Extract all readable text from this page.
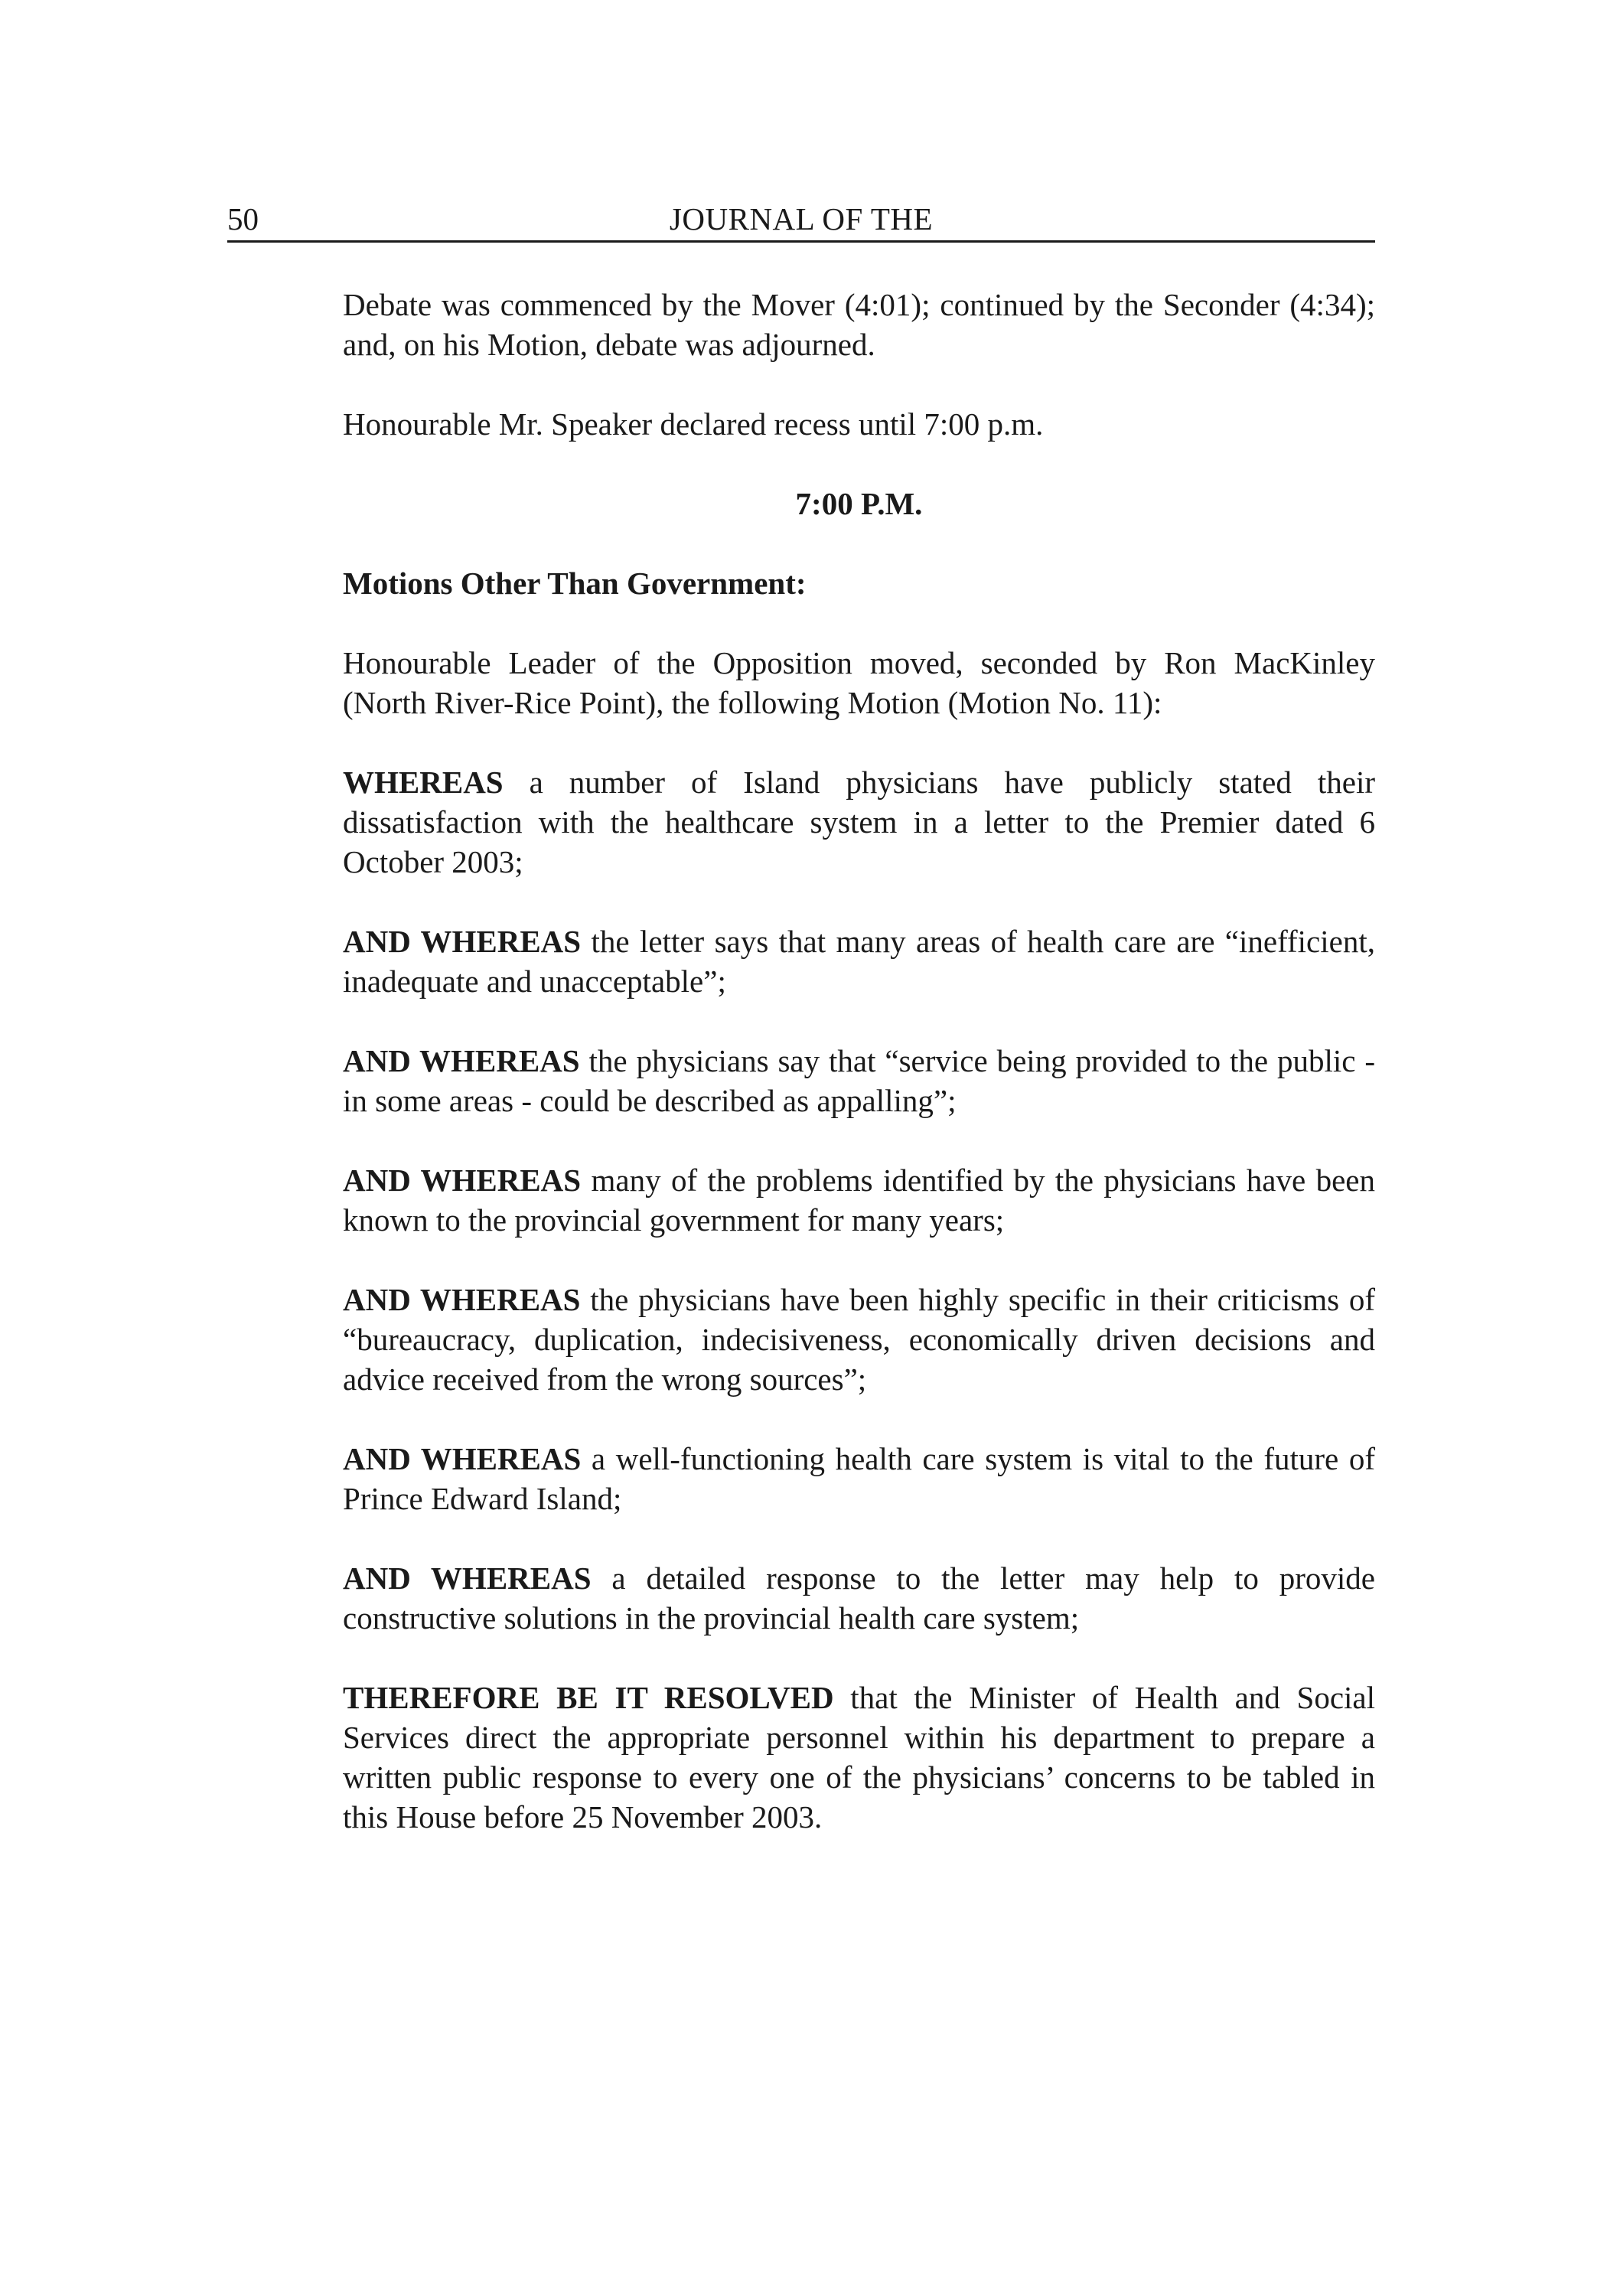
50	JOURNAL OF THE

Debate was commenced by the Mover (4:01); continued by the Seconder (4:34); and, on his Motion, debate was adjourned.

Honourable Mr. Speaker declared recess until 7:00 p.m.

7:00 P.M.
Motions Other Than Government:

Honourable Leader of the Opposition moved, seconded by Ron MacKinley (North River-Rice Point), the following Motion (Motion No. 11):

WHEREAS a number of Island physicians have publicly stated their dissatisfaction with the healthcare system in a letter to the Premier dated 6 October 2003;

AND WHEREAS the letter says that many areas of health care are “inefficient, inadequate and unacceptable”;

AND WHEREAS the physicians say that “service being provided to the public - in some areas - could be described as appalling”;

AND WHEREAS many of the problems identified by the physicians have been known to the provincial government for many years;

AND WHEREAS the physicians have been highly specific in their criticisms of “bureaucracy, duplication, indecisiveness, economically driven decisions and advice received from the wrong sources”;

AND WHEREAS a well-functioning health care system is vital to the future of Prince Edward Island;

AND WHEREAS a detailed response to the letter may help to provide constructive solutions in the provincial health care system;

THEREFORE BE IT RESOLVED that the Minister of Health and Social Services direct the appropriate personnel within his department to prepare a written public response to every one of the physicians’ concerns to be tabled in this House before 25 November 2003.
